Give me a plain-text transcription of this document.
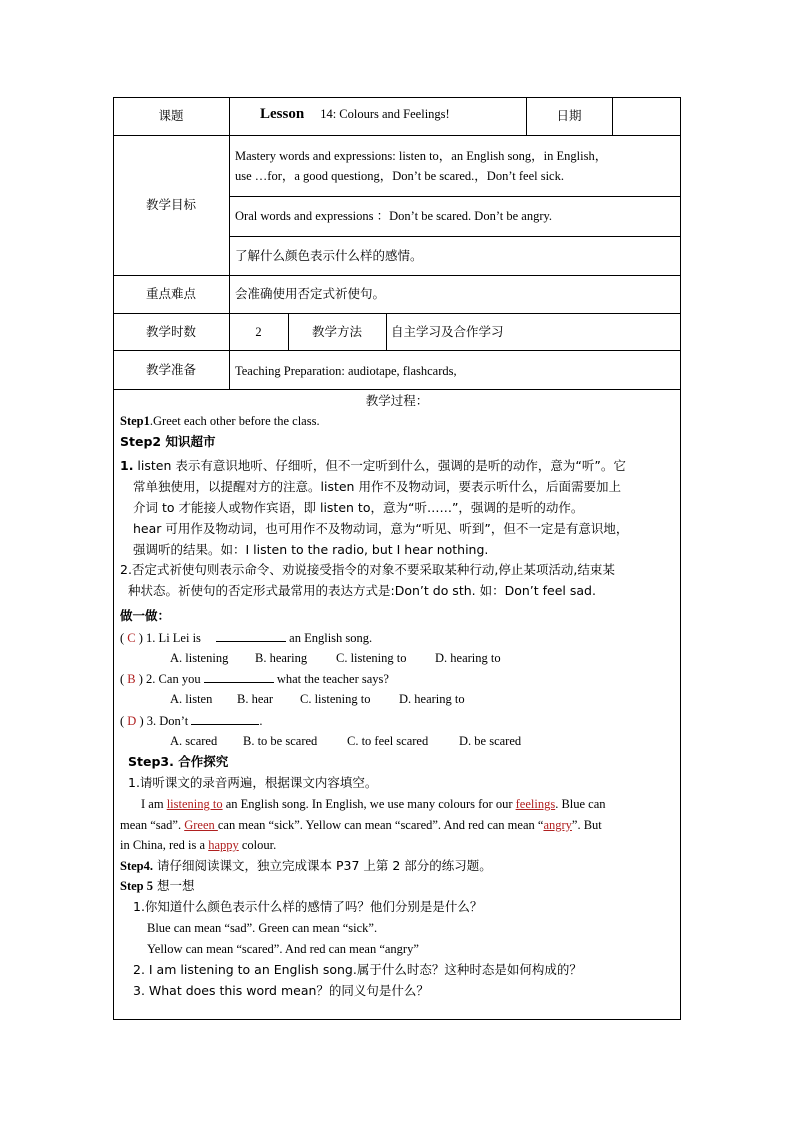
课题	Lesson 14: Colours and Feelings!	日期
教学目标
Mastery words and expressions: listen to，an English song，in English，
use …for，a good questiong，Don’t be scared.，Don’t feel sick.
Oral words and expressions ：Don’t be scared. Don’t be angry.
了解什么颜色表示什么样的感情。
重点难点	会准确使用否定式祈使句。
教学时数	2	教学方法	自主学习及合作学习
教学准备	Teaching Preparation: audiotape, flashcards,
教学过程：
Step1.Greet each other before the class.
Step2 知识超市
1. listen 表示有意识地听、仔细听，但不一定听到什么，强调的是听的动作，意为“听”。它
常单独使用，以提醒对方的注意。listen 用作不及物动词，要表示听什么，后面需要加上
介词 to 才能接人或物作宾语，即 listen to，意为“听……”，强调的是听的动作。
hear 可用作及物动词，也可用作不及物动词，意为“听见、听到”，但不一定是有意识地，
强调听的结果。如：I listen to the radio, but I hear nothing.
2.否定式祈使句则表示命令、劝说接受指令的对象不要采取某种行动,停止某项活动,结束某
种状态。祈使句的否定形式最常用的表达方式是:Don’t do sth. 如：Don’t feel sad.
做一做：
( C ) 1. Li Lei is	an English song.
A. listening B. hearing C. listening to D. hearing to
( B ) 2. Can you	what the teacher says?
A. listen B. hear C. listening to D. hearing to
( D ) 3. Don’t	.
A. scared B. to be scared C. to feel scared D. be scared
Step3. 合作探究
1.请听课文的录音两遍，根据课文内容填空。
I am listening to an English song. In English, we use many colours for our feelings. Blue can
mean “sad”. Green can mean “sick”. Yellow can mean “scared”. And red can mean “angry”. But
in China, red is a happy colour.
Step4. 请仔细阅读课文，独立完成课本 P37 上第 2 部分的练习题。
Step 5 想一想
1.你知道什么颜色表示什么样的感情了吗？他们分别是是什么？
Blue can mean “sad”. Green can mean “sick”.
Yellow can mean “scared”. And red can mean “angry”
2. I am listening to an English song.属于什么时态？这种时态是如何构成的？
3. What does this word mean？的同义句是什么？
